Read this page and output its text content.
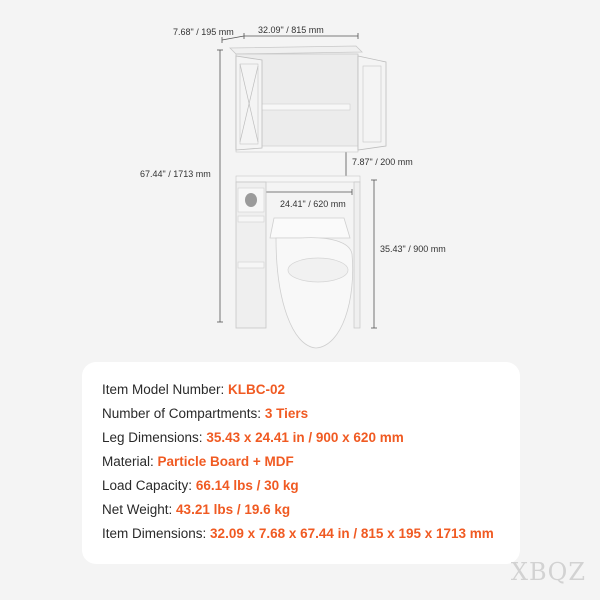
7.68" / 195 mm	32.09" / 815 mm
67.44" / 1713 mm
7.87" / 200 mm
24.41" / 620 mm
35.43" / 900 mm
Item Model Number: KLBC-02
Number of Compartments: 3 Tiers
Leg Dimensions: 35.43 x 24.41 in / 900 x 620 mm
Material: Particle Board + MDF
Load Capacity: 66.14 lbs / 30 kg
Net Weight: 43.21 lbs / 19.6 kg
Item Dimensions: 32.09 x 7.68 x 67.44 in / 815 x 195 x 1713 mm
XBQZ
